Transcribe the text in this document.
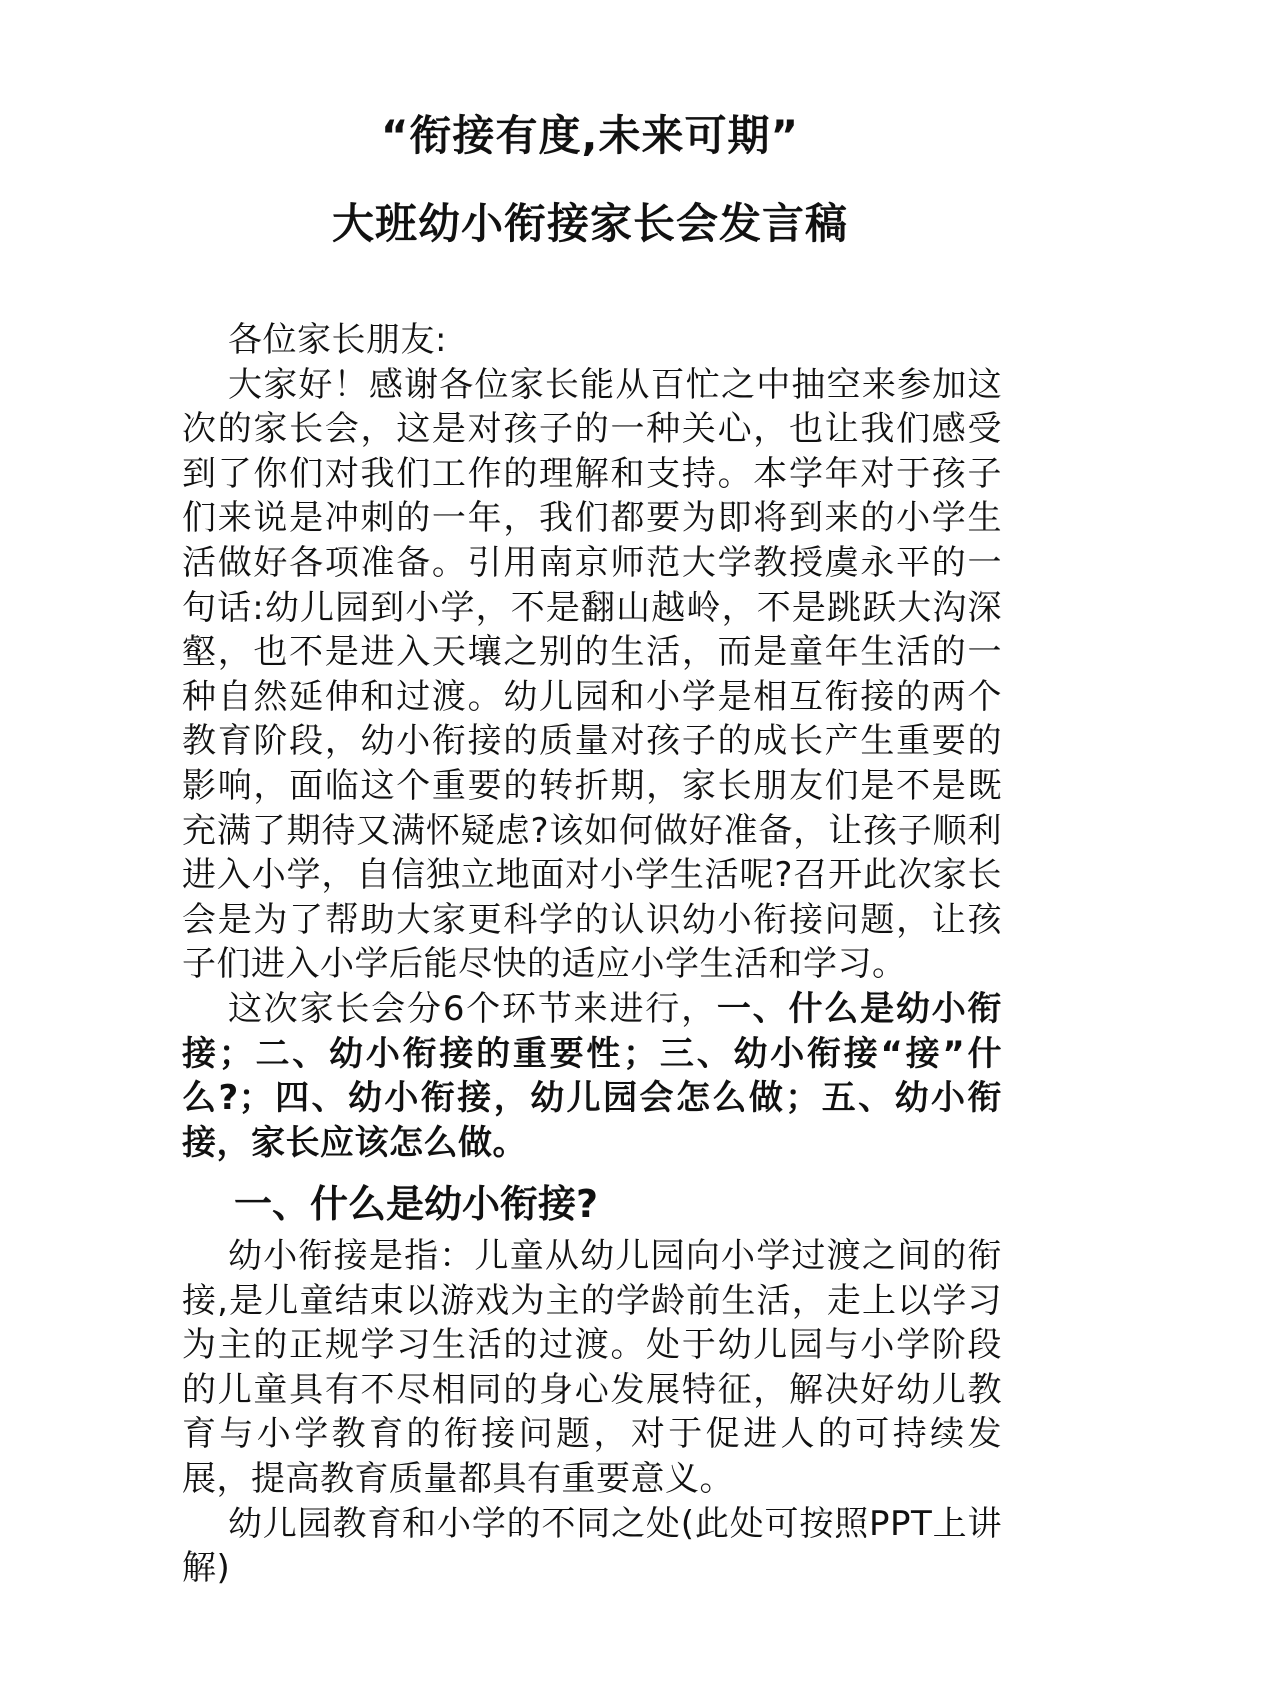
“衔接有度,未来可期”
大班幼小衔接家长会发言稿

各位家长朋友:

大家好！感谢各位家长能从百忙之中抽空来参加这次的家长会，这是对孩子的一种关心，也让我们感受到了你们对我们工作的理解和支持。本学年对于孩子们来说是冲刺的一年，我们都要为即将到来的小学生活做好各项准备。引用南京师范大学教授虞永平的一句话:幼儿园到小学，不是翻山越岭，不是跳跃大沟深壑，也不是进入天壤之别的生活，而是童年生活的一种自然延伸和过渡。幼儿园和小学是相互衔接的两个教育阶段，幼小衔接的质量对孩子的成长产生重要的影响，面临这个重要的转折期，家长朋友们是不是既充满了期待又满怀疑虑?该如何做好准备，让孩子顺利进入小学，自信独立地面对小学生活呢?召开此次家长会是为了帮助大家更科学的认识幼小衔接问题，让孩子们进入小学后能尽快的适应小学生活和学习。

这次家长会分6个环节来进行，一、什么是幼小衔接；二、幼小衔接的重要性；三、幼小衔接“接”什么?；四、幼小衔接，幼儿园会怎么做；五、幼小衔接，家长应该怎么做。

一、什么是幼小衔接?

幼小衔接是指：儿童从幼儿园向小学过渡之间的衔接,是儿童结束以游戏为主的学龄前生活，走上以学习为主的正规学习生活的过渡。处于幼儿园与小学阶段的儿童具有不尽相同的身心发展特征，解决好幼儿教育与小学教育的衔接问题，对于促进人的可持续发展，提高教育质量都具有重要意义。

幼儿园教育和小学的不同之处(此处可按照PPT上讲解)
